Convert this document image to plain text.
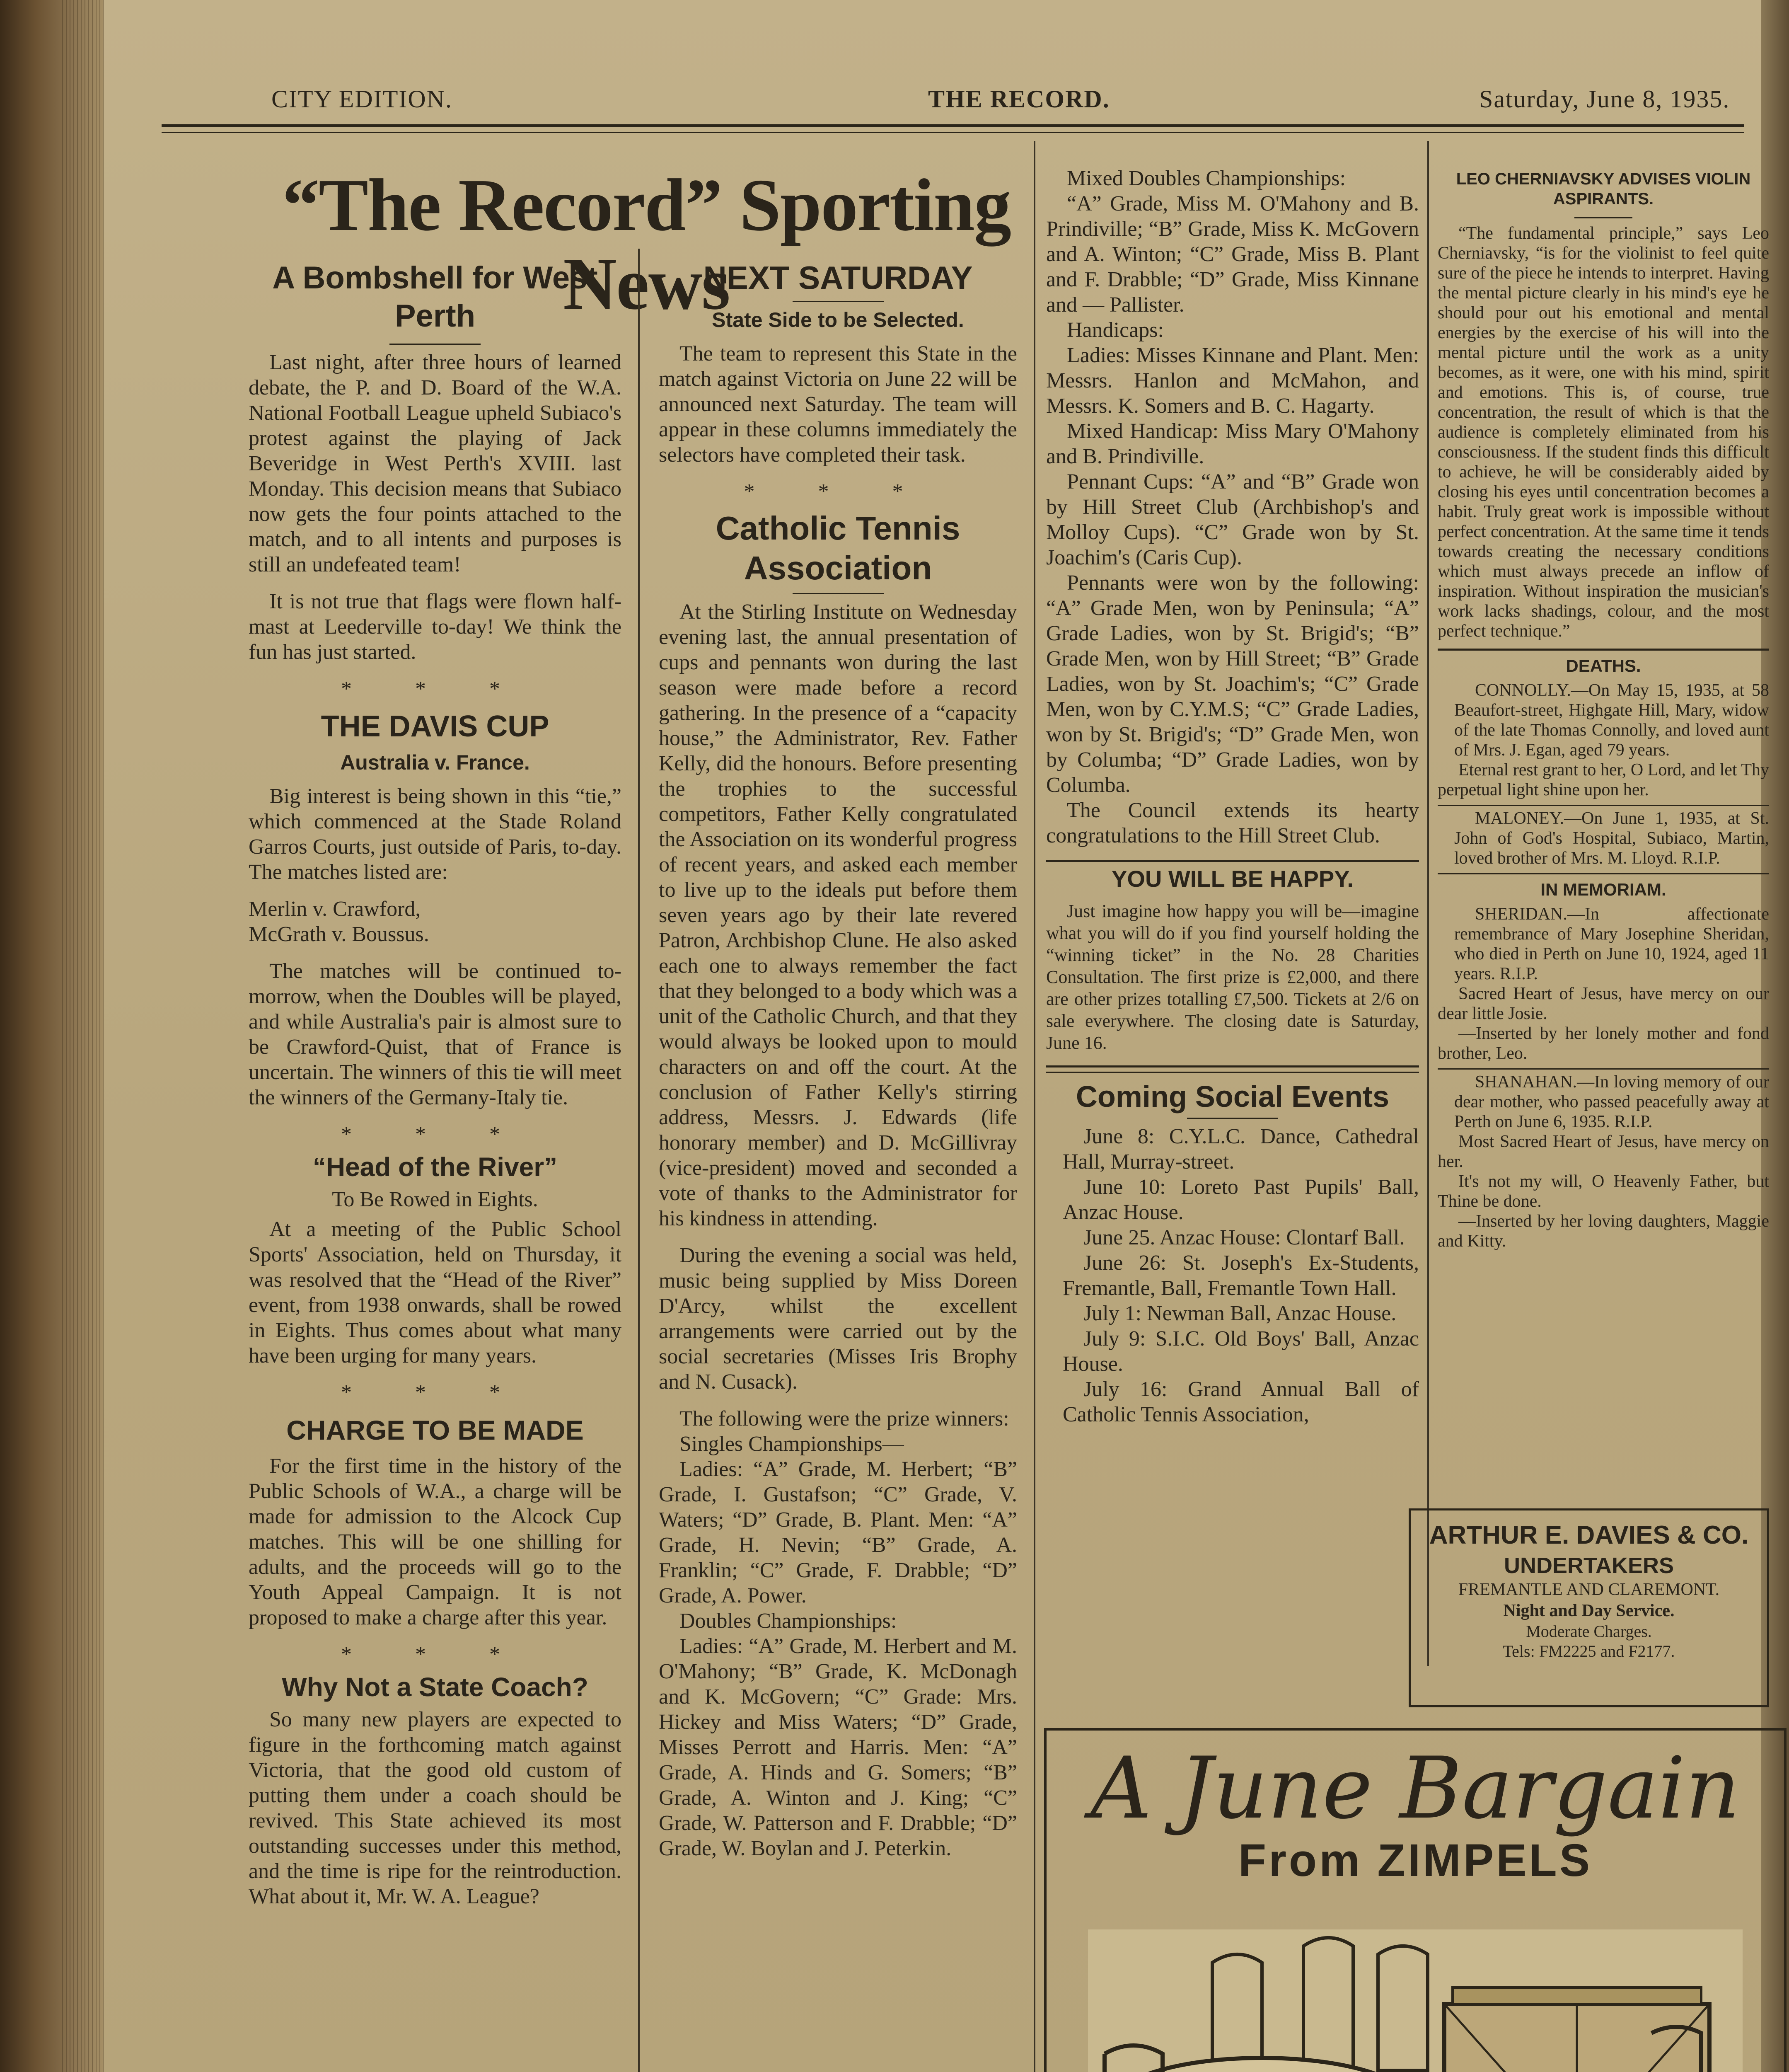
CITY EDITION.	THE RECORD.	Saturday, June 8, 1935.

“The Record” Sporting News

A Bombshell for West Perth

Last night, after three hours of learned debate, the P. and D. Board of the W.A. National Football League upheld Subiaco's protest against the playing of Jack Beveridge in West Perth's XVIII. last Monday. This decision means that Subiaco now gets the four points attached to the match, and to all intents and purposes is still an undefeated team!

It is not true that flags were flown half-mast at Leederville to-day! We think the fun has just started.

* * *
THE DAVIS CUP
Australia v. France.

Big interest is being shown in this “tie,” which commenced at the Stade Roland Garros Courts, just outside of Paris, to-day. The matches listed are:

Merlin v. Crawford,

McGrath v. Boussus.

The matches will be continued to-morrow, when the Doubles will be played, and while Australia's pair is almost sure to be Crawford-Quist, that of France is uncertain. The winners of this tie will meet the winners of the Germany-Italy tie.

* * *
“Head of the River”
To Be Rowed in Eights.

At a meeting of the Public School Sports' Association, held on Thursday, it was resolved that the “Head of the River” event, from 1938 onwards, shall be rowed in Eights. Thus comes about what many have been urging for many years.

* * *
CHARGE TO BE MADE

For the first time in the history of the Public Schools of W.A., a charge will be made for admission to the Alcock Cup matches. This will be one shilling for adults, and the proceeds will go to the Youth Appeal Campaign. It is not proposed to make a charge after this year.

* * *
Why Not a State Coach?

So many new players are expected to figure in the forthcoming match against Victoria, that the good old custom of putting them under a coach should be revived. This State achieved its most outstanding successes under this method, and the time is ripe for the reintroduction. What about it, Mr. W. A. League?

NEXT SATURDAY
State Side to be Selected.

The team to represent this State in the match against Victoria on June 22 will be announced next Saturday. The team will appear in these columns immediately the selectors have completed their task.

* * *
Catholic Tennis Association

At the Stirling Institute on Wednesday evening last, the annual presentation of cups and pennants won during the last season were made before a record gathering. In the presence of a “capacity house,” the Administrator, Rev. Father Kelly, did the honours. Before presenting the trophies to the successful competitors, Father Kelly congratulated the Association on its wonderful progress of recent years, and asked each member to live up to the ideals put before them seven years ago by their late revered Patron, Archbishop Clune. He also asked each one to always remember the fact that they belonged to a body which was a unit of the Catholic Church, and that they would always be looked upon to mould characters on and off the court. At the conclusion of Father Kelly's stirring address, Messrs. J. Edwards (life honorary member) and D. McGillivray (vice-president) moved and seconded a vote of thanks to the Administrator for his kindness in attending.

During the evening a social was held, music being supplied by Miss Doreen D'Arcy, whilst the excellent arrangements were carried out by the social secretaries (Misses Iris Brophy and N. Cusack).

The following were the prize winners:

Singles Championships—

Ladies: “A” Grade, M. Herbert; “B” Grade, I. Gustafson; “C” Grade, V. Waters; “D” Grade, B. Plant. Men: “A” Grade, H. Nevin; “B” Grade, A. Franklin; “C” Grade, F. Drabble; “D” Grade, A. Power.

Doubles Championships:

Ladies: “A” Grade, M. Herbert and M. O'Mahony; “B” Grade, K. McDonagh and K. McGovern; “C” Grade: Mrs. Hickey and Miss Waters; “D” Grade, Misses Perrott and Harris. Men: “A” Grade, A. Hinds and G. Somers; “B” Grade, A. Winton and J. King; “C” Grade, W. Patterson and F. Drabble; “D” Grade, W. Boylan and J. Peterkin.

Mixed Doubles Championships:

“A” Grade, Miss M. O'Mahony and B. Prindiville; “B” Grade, Miss K. McGovern and A. Winton; “C” Grade, Miss B. Plant and F. Drabble; “D” Grade, Miss Kinnane and — Pallister.

Handicaps:

Ladies: Misses Kinnane and Plant. Men: Messrs. Hanlon and McMahon, and Messrs. K. Somers and B. C. Hagarty.

Mixed Handicap: Miss Mary O'Mahony and B. Prindiville.

Pennant Cups: “A” and “B” Grade won by Hill Street Club (Archbishop's and Molloy Cups). “C” Grade won by St. Joachim's (Caris Cup).

Pennants were won by the following: “A” Grade Men, won by Peninsula; “A” Grade Ladies, won by St. Brigid's; “B” Grade Men, won by Hill Street; “B” Grade Ladies, won by St. Joachim's; “C” Grade Men, won by C.Y.M.S; “C” Grade Ladies, won by St. Brigid's; “D” Grade Men, won by Columba; “D” Grade Ladies, won by Columba.

The Council extends its hearty congratulations to the Hill Street Club.

YOU WILL BE HAPPY.

Just imagine how happy you will be—imagine what you will do if you find yourself holding the “winning ticket” in the No. 28 Charities Consultation. The first prize is £2,000, and there are other prizes totalling £7,500. Tickets at 2/6 on sale everywhere. The closing date is Saturday, June 16.

Coming Social Events

June 8: C.Y.L.C. Dance, Cathedral Hall, Murray-street.

June 10: Loreto Past Pupils' Ball, Anzac House.

June 25. Anzac House: Clontarf Ball.

June 26: St. Joseph's Ex-Students, Fremantle, Ball, Fremantle Town Hall.

July 1: Newman Ball, Anzac House.

July 9: S.I.C. Old Boys' Ball, Anzac House.

July 16: Grand Annual Ball of Catholic Tennis Association,

LEO CHERNIAVSKY ADVISES VIOLIN ASPIRANTS.

“The fundamental principle,” says Leo Cherniavsky, “is for the violinist to feel quite sure of the piece he intends to interpret. Having the mental picture clearly in his mind's eye he should pour out his emotional and mental energies by the exercise of his will into the mental picture until the work as a unity becomes, as it were, one with his mind, spirit and emotions. This is, of course, true concentration, the result of which is that the audience is completely eliminated from his consciousness. If the student finds this difficult to achieve, he will be considerably aided by closing his eyes until concentration becomes a habit. Truly great work is impossible without perfect concentration. At the same time it tends towards creating the necessary conditions which must always precede an inflow of inspiration. Without inspiration the musician's work lacks shadings, colour, and the most perfect technique.”

DEATHS.

CONNOLLY.—On May 15, 1935, at 58 Beaufort-street, Highgate Hill, Mary, widow of the late Thomas Connolly, and loved aunt of Mrs. J. Egan, aged 79 years.

Eternal rest grant to her, O Lord, and let Thy perpetual light shine upon her.

MALONEY.—On June 1, 1935, at St. John of God's Hospital, Subiaco, Martin, loved brother of Mrs. M. Lloyd. R.I.P.

IN MEMORIAM.

SHERIDAN.—In affectionate remembrance of Mary Josephine Sheridan, who died in Perth on June 10, 1924, aged 11 years. R.I.P.

Sacred Heart of Jesus, have mercy on our dear little Josie.

—Inserted by her lonely mother and fond brother, Leo.

SHANAHAN.—In loving memory of our dear mother, who passed peacefully away at Perth on June 6, 1935. R.I.P.

Most Sacred Heart of Jesus, have mercy on her.

It's not my will, O Heavenly Father, but Thine be done.

—Inserted by her loving daughters, Maggie and Kitty.

ARTHUR E. DAVIES & CO.
UNDERTAKERS
FREMANTLE AND CLAREMONT.
Night and Day Service.
Moderate Charges.
Tels: FM2225 and F2177.

A June Bargain

From ZIMPELS
